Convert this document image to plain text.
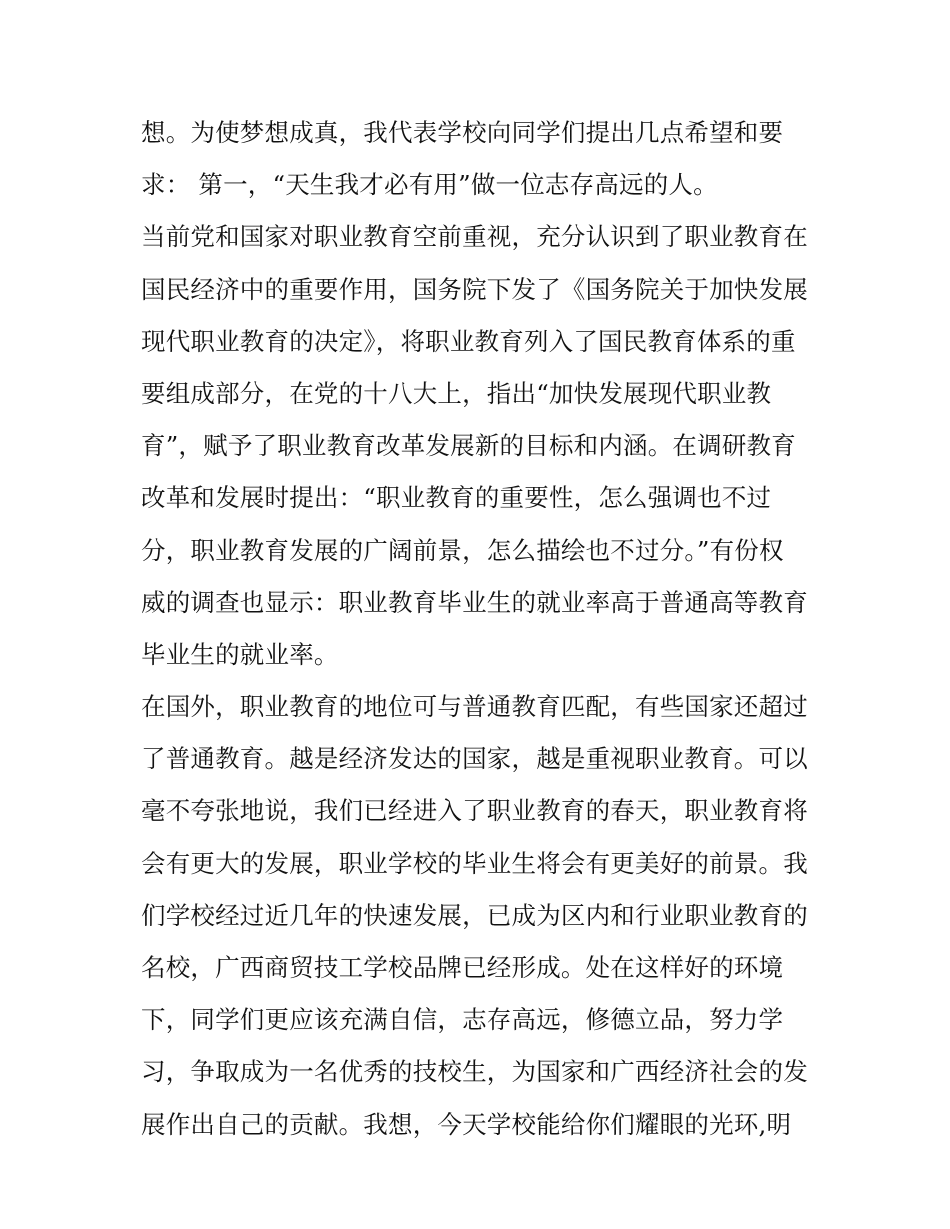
想。为使梦想成真，我代表学校向同学们提出几点希望和要
求： 第一，“天生我才必有用”做一位志存高远的人。
当前党和国家对职业教育空前重视，充分认识到了职业教育在
国民经济中的重要作用，国务院下发了《国务院关于加快发展
现代职业教育的决定》，将职业教育列入了国民教育体系的重
要组成部分，在党的十八大上，指出“加快发展现代职业教
育”，赋予了职业教育改革发展新的目标和内涵。在调研教育
改革和发展时提出：“职业教育的重要性，怎么强调也不过
分，职业教育发展的广阔前景，怎么描绘也不过分。”有份权
威的调查也显示：职业教育毕业生的就业率高于普通高等教育
毕业生的就业率。
在国外，职业教育的地位可与普通教育匹配，有些国家还超过
了普通教育。越是经济发达的国家，越是重视职业教育。可以
毫不夸张地说，我们已经进入了职业教育的春天，职业教育将
会有更大的发展，职业学校的毕业生将会有更美好的前景。我
们学校经过近几年的快速发展，已成为区内和行业职业教育的
名校，广西商贸技工学校品牌已经形成。处在这样好的环境
下，同学们更应该充满自信，志存高远，修德立品，努力学
习，争取成为一名优秀的技校生，为国家和广西经济社会的发
展作出自己的贡献。我想，今天学校能给你们耀眼的光环,明
